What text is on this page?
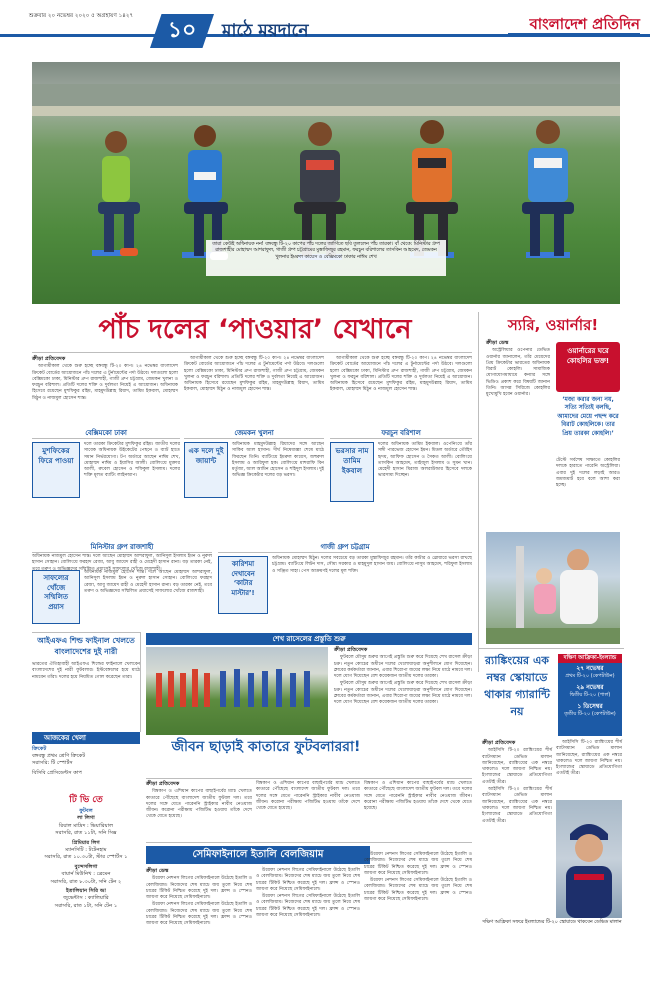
শুক্রবার ২০ নভেম্বর ২০২০ ৫ অগ্রহায়ণ ১৪২৭
১০	মাঠে ময়দানে	বাংলাদেশ প্রতিদিন
তারা কেউই অধিনায়ক নন! বঙ্গবন্ধু টি-২০ কাপের পাঁচ দলের জার্সিতে ছবি তুললেন পাঁচ তারকা। বাঁ থেকে: মিনিস্টার গ্রুপ রাজশাহীর মোহাম্মদ আশরাফুল, গাজী গ্রুপ চট্টগ্রামের মুস্তাফিজুর রহমান, ফরচুন বরিশালের তাসকিন আহমেদ, জেমকন খুলনার ইমরুল কায়েস ও বেক্সিমকো ঢাকার নাঈম শেখ
পাঁচ দলের ‘পাওয়ার’ যেখানে
ক্রীড়া প্রতিবেদক

আগামীকাল থেকে শুরু হচ্ছে বঙ্গবন্ধু টি-২০ কাপ। ২৪ নভেম্বর বাংলাদেশ ক্রিকেট বোর্ডের আয়োজনে পাঁচ দলের এ টুর্নামেন্টের পর্দা উঠবে। দলগুলো হলো বেক্সিমকো ঢাকা, মিনিস্টার গ্রুপ রাজশাহী, গাজী গ্রুপ চট্টগ্রাম, জেমকন খুলনা ও ফরচুন বরিশাল। প্রতিটি দলের শক্তি ও দুর্বলতা নিয়েই এ আয়োজন। অধিনায়ক হিসেবে রয়েছেন মুশফিকুর রহিম, মাহমুদউল্লাহ রিয়াদ, তামিম ইকবাল, মোহাম্মদ মিঠুন ও নাজমুল হোসেন শান্ত।

আগামীকাল থেকে শুরু হচ্ছে বঙ্গবন্ধু টি-২০ কাপ। ২৪ নভেম্বর বাংলাদেশ ক্রিকেট বোর্ডের আয়োজনে পাঁচ দলের এ টুর্নামেন্টের পর্দা উঠবে। দলগুলো হলো বেক্সিমকো ঢাকা, মিনিস্টার গ্রুপ রাজশাহী, গাজী গ্রুপ চট্টগ্রাম, জেমকন খুলনা ও ফরচুন বরিশাল। প্রতিটি দলের শক্তি ও দুর্বলতা নিয়েই এ আয়োজন। অধিনায়ক হিসেবে রয়েছেন মুশফিকুর রহিম, মাহমুদউল্লাহ রিয়াদ, তামিম ইকবাল, মোহাম্মদ মিঠুন ও নাজমুল হোসেন শান্ত।

আগামীকাল থেকে শুরু হচ্ছে বঙ্গবন্ধু টি-২০ কাপ। ২৪ নভেম্বর বাংলাদেশ ক্রিকেট বোর্ডের আয়োজনে পাঁচ দলের এ টুর্নামেন্টের পর্দা উঠবে। দলগুলো হলো বেক্সিমকো ঢাকা, মিনিস্টার গ্রুপ রাজশাহী, গাজী গ্রুপ চট্টগ্রাম, জেমকন খুলনা ও ফরচুন বরিশাল। প্রতিটি দলের শক্তি ও দুর্বলতা নিয়েই এ আয়োজন। অধিনায়ক হিসেবে রয়েছেন মুশফিকুর রহিম, মাহমুদউল্লাহ রিয়াদ, তামিম ইকবাল, মোহাম্মদ মিঠুন ও নাজমুল হোসেন শান্ত।

বেক্সিমকো ঢাকা
মুশফিকের ফিরে পাওয়া
দলে তারকা ক্রিকেটার মুশফিকুর রহিম। জাতীয় দলের সাবেক অধিনায়ক উইকেটের পেছনে ও ব্যাট হাতে সমান নির্ভরযোগ্য। টপ অর্ডারে আছেন নাঈম শেখ, মোহাম্মদ নাঈম ও ইয়াসির আলী। বোলিংয়ে মুক্তার আলী, রুবেল হোসেন ও শফিকুল ইসলাম। দলের শক্তি মূলত ব্যাটিং লাইনআপ।
জেমকন খুলনা
এক দলে দুই জায়ান্ট
অধিনায়ক মাহমুদউল্লাহ রিয়াদের সঙ্গে আছেন সাকিব আল হাসান। দীর্ঘ নিষেধাজ্ঞা শেষে মাঠে ফিরছেন তিনি। ব্যাটিংয়ে ইমরুল কায়েস, জহুরুল ইসলাম ও আরিফুল হক। বোলিংয়ে মাশরাফি বিন মর্তুজা, আল আমিন হোসেন ও শহিদুল ইসলাম। দুই অভিজ্ঞ ক্রিকেটার দলের বড় ভরসা।
ফরচুন বরিশাল
ভরসার নাম তামিম ইকবাল
দলের অধিনায়ক তামিম ইকবাল। ওপেনিংয়ে তাঁর সঙ্গী পারভেজ হোসেন ইমন। মিডল অর্ডারে তৌহিদ হৃদয়, আফিফ হোসেন ও সৈকত আলী। বোলিংয়ে তাসকিন আহমেদ, তাইজুল ইসলাম ও সুমন খান। মেহেদী হাসান মিরাজ অলরাউন্ডার হিসেবে দলকে ভারসাম্য দিচ্ছেন।
মিনিস্টার গ্রুপ রাজশাহী
সাফল্যের খোঁজে সম্মিলিত প্রয়াস
অধিনায়ক নাজমুল হোসেন শান্ত। দলে আছেন মোহাম্মদ আশরাফুল, আনিসুল ইসলাম ইমন ও নুরুল হাসান সোহান। বোলিংয়ে ফরহাদ রেজা, আবু জায়েদ রাহী ও মেহেদী হাসান রানা। বড় তারকা নেই, তবে তরুণ ও অভিজ্ঞদের সম্মিলিত প্রয়াসেই সাফল্যের খোঁজে রাজশাহী।
অধিনায়ক নাজমুল হোসেন শান্ত। দলে আছেন মোহাম্মদ আশরাফুল, আনিসুল ইসলাম ইমন ও নুরুল হাসান সোহান। বোলিংয়ে ফরহাদ রেজা, আবু জায়েদ রাহী ও মেহেদী হাসান রানা। বড় তারকা নেই, তবে তরুণ ও অভিজ্ঞদের সম্মিলিত প্রয়াসেই সাফল্যের খোঁজে রাজশাহী।
গাজী গ্রুপ চট্টগ্রাম
কারিশমা দেখাবেন ‘কাটার মাস্টার’!
অধিনায়ক মোহাম্মদ মিঠুন। দলের সবচেয়ে বড় তারকা মুস্তাফিজুর রহমান। তাঁর কাটার ও স্লোয়ারে ভরসা রাখছে চট্টগ্রাম। ব্যাটিংয়ে লিটন দাস, সৌম্য সরকার ও মাহমুদুল হাসান জয়। বোলিংয়ে নাসুম আহমেদ, শরিফুল ইসলাম ও সঞ্জিত সাহা। পেস আক্রমণই দলের মূল শক্তি।
স্যরি, ওয়ার্নার!
ক্রীড়া ডেস্ক

অস্ট্রেলিয়ার ওপেনার ডেভিড ওয়ার্নার জানালেন, তাঁর মেয়েদের প্রিয় ক্রিকেটার ভারতের অধিনায়ক বিরাট কোহলি। সামাজিক যোগাযোগমাধ্যমে কন্যার সঙ্গে ভিডিও প্রকাশ করে বিষয়টি জানান তিনি। আসন্ন সিরিজে কোহলির মুখোমুখি হবেন ওয়ার্নার।

ওয়ার্নারের ঘরে কোহলির ভক্ত!
‘মজা করার জন্য নয়, সত্যি সত্যিই বলছি, আমাদের মেয়ে পছন্দ করে বিরাট কোহলিকে। তার প্রিয় তারকা কোহলি।’
টেস্টে সর্বশেষ সাক্ষাতে কোহলির দলকে হারাতে পারেনি অস্ট্রেলিয়া। এবার দুই দলের লড়াই আরও জমজমাট হবে বলে আশা করা হচ্ছে।
শেখ রাসেলের প্রস্তুতি শুরু
ক্রীড়া প্রতিবেদক

ফুটবলে মৌসুম শুরুর আগেই প্রস্তুতি শুরু করে দিয়েছে শেখ রাসেল ক্রীড়া চক্র। নতুন কোচের অধীনে দলের খেলোয়াড়রা অনুশীলনে যোগ দিয়েছেন। ক্লাবের কর্মকর্তারা জানান, এবার শিরোপা জয়ের লক্ষ্য নিয়ে মাঠে নামবে দল। দলে যোগ দিয়েছেন বেশ কয়েকজন জাতীয় দলের তারকা।

ফুটবলে মৌসুম শুরুর আগেই প্রস্তুতি শুরু করে দিয়েছে শেখ রাসেল ক্রীড়া চক্র। নতুন কোচের অধীনে দলের খেলোয়াড়রা অনুশীলনে যোগ দিয়েছেন। ক্লাবের কর্মকর্তারা জানান, এবার শিরোপা জয়ের লক্ষ্য নিয়ে মাঠে নামবে দল। দলে যোগ দিয়েছেন বেশ কয়েকজন জাতীয় দলের তারকা।

আইএফএ শিল্ড ফাইনাল খেলতে বাংলাদেশের দুই নারী
ভারতের ঐতিহ্যবাহী আইএফএ শিল্ডের ফাইনালে খেলবেন বাংলাদেশের দুই নারী ফুটবলার। ইস্টবেঙ্গলের হয়ে মাঠে নামবেন তাঁরা। দলের হয়ে নিয়মিত গোল করেছেন তারা।
জীবন ছাড়াই কাতারে ফুটবলাররা!
ক্রীড়া প্রতিবেদক

বিশ্বকাপ ও এশিয়ান কাপের বাছাইপর্বের ম্যাচ খেলতে কাতারে পৌঁছেছে বাংলাদেশ জাতীয় ফুটবল দল। তবে দলের সঙ্গে যেতে পারেননি স্ট্রাইকার নাবীব নেওয়াজ জীবন। করোনা পরীক্ষায় পজিটিভ হওয়ায় তাঁকে দেশে থেকে যেতে হয়েছে।

বিশ্বকাপ ও এশিয়ান কাপের বাছাইপর্বের ম্যাচ খেলতে কাতারে পৌঁছেছে বাংলাদেশ জাতীয় ফুটবল দল। তবে দলের সঙ্গে যেতে পারেননি স্ট্রাইকার নাবীব নেওয়াজ জীবন। করোনা পরীক্ষায় পজিটিভ হওয়ায় তাঁকে দেশে থেকে যেতে হয়েছে।
বিশ্বকাপ ও এশিয়ান কাপের বাছাইপর্বের ম্যাচ খেলতে কাতারে পৌঁছেছে বাংলাদেশ জাতীয় ফুটবল দল। তবে দলের সঙ্গে যেতে পারেননি স্ট্রাইকার নাবীব নেওয়াজ জীবন। করোনা পরীক্ষায় পজিটিভ হওয়ায় তাঁকে দেশে থেকে যেতে হয়েছে।
আজকের খেলা
ক্রিকেট
বঙ্গবন্ধু প্রথম শ্রেণি ক্রিকেট
সরাসরি: টি স্পোর্টস
বিসিবি প্রেসিডেন্টস কাপ
টি ভি তে
ফুটবল
লা লিগা
রিয়াল মাদ্রিদ : ভিয়ারিয়াল
সরাসরি, রাত ১১টা, সনি সিক্স
প্রিমিয়ার লিগ
ম্যানসিটি : টটেনহাম
সরাসরি, রাত ১০.৩০টা, স্টার স্পোর্টস ১
বুন্দেসলিগা
বায়ার্ন মিউনিখ : ব্রেমেন
সরাসরি, রাত ৮.৩০টা, সনি টেন ২
ইতালিয়ান সিরি আ
জুভেন্টাস : ক্যালিয়ারি
সরাসরি, রাত ১টা, সনি টেন ১
সেমিফাইনালে ইতালি বেলজিয়াম
ক্রীড়া ডেস্ক

উয়েফা নেশনস লিগের সেমিফাইনালে উঠেছে ইতালি ও বেলজিয়াম। নিজেদের শেষ ম্যাচে জয় তুলে নিয়ে শেষ চারের টিকিট নিশ্চিত করেছে দুই দল। ফ্রান্স ও স্পেনও জায়গা করে নিয়েছে সেমিফাইনালে।

উয়েফা নেশনস লিগের সেমিফাইনালে উঠেছে ইতালি ও বেলজিয়াম। নিজেদের শেষ ম্যাচে জয় তুলে নিয়ে শেষ চারের টিকিট নিশ্চিত করেছে দুই দল। ফ্রান্স ও স্পেনও জায়গা করে নিয়েছে সেমিফাইনালে।

উয়েফা নেশনস লিগের সেমিফাইনালে উঠেছে ইতালি ও বেলজিয়াম। নিজেদের শেষ ম্যাচে জয় তুলে নিয়ে শেষ চারের টিকিট নিশ্চিত করেছে দুই দল। ফ্রান্স ও স্পেনও জায়গা করে নিয়েছে সেমিফাইনালে।

উয়েফা নেশনস লিগের সেমিফাইনালে উঠেছে ইতালি ও বেলজিয়াম। নিজেদের শেষ ম্যাচে জয় তুলে নিয়ে শেষ চারের টিকিট নিশ্চিত করেছে দুই দল। ফ্রান্স ও স্পেনও জায়গা করে নিয়েছে সেমিফাইনালে।

উয়েফা নেশনস লিগের সেমিফাইনালে উঠেছে ইতালি ও বেলজিয়াম। নিজেদের শেষ ম্যাচে জয় তুলে নিয়ে শেষ চারের টিকিট নিশ্চিত করেছে দুই দল। ফ্রান্স ও স্পেনও জায়গা করে নিয়েছে সেমিফাইনালে।

উয়েফা নেশনস লিগের সেমিফাইনালে উঠেছে ইতালি ও বেলজিয়াম। নিজেদের শেষ ম্যাচে জয় তুলে নিয়ে শেষ চারের টিকিট নিশ্চিত করেছে দুই দল। ফ্রান্স ও স্পেনও জায়গা করে নিয়েছে সেমিফাইনালে।

র‍্যাঙ্কিংয়ের এক নম্বর স্কোয়াডে থাকার গ্যারান্টি নয়
দক্ষিণ আফ্রিকা-ইংল্যান্ড
২৭ নভেম্বর
প্রথম টি-২০ (কেপটাউন)
২৯ নভেম্বর
দ্বিতীয় টি-২০ (পার্ল)
১ ডিসেম্বর
তৃতীয় টি-২০ (কেপটাউন)
ক্রীড়া প্রতিবেদক

আইসিসি টি-২০ র‍্যাঙ্কিংয়ের শীর্ষ ব্যাটসম্যান ডেভিড মালান জানিয়েছেন, র‍্যাঙ্কিংয়ের এক নম্বরে থাকলেও দলে জায়গা নিশ্চিত নয়। ইংল্যান্ডের স্কোয়াডে প্রতিযোগিতা এতটাই তীব্র।

আইসিসি টি-২০ র‍্যাঙ্কিংয়ের শীর্ষ ব্যাটসম্যান ডেভিড মালান জানিয়েছেন, র‍্যাঙ্কিংয়ের এক নম্বরে থাকলেও দলে জায়গা নিশ্চিত নয়। ইংল্যান্ডের স্কোয়াডে প্রতিযোগিতা এতটাই তীব্র।

আইসিসি টি-২০ র‍্যাঙ্কিংয়ের শীর্ষ ব্যাটসম্যান ডেভিড মালান জানিয়েছেন, র‍্যাঙ্কিংয়ের এক নম্বরে থাকলেও দলে জায়গা নিশ্চিত নয়। ইংল্যান্ডের স্কোয়াডে প্রতিযোগিতা এতটাই তীব্র।

দক্ষিণ আফ্রিকা সফরে ইংল্যান্ডের টি-২০ স্কোয়াডে থাকবেন ডেভিড মালান
